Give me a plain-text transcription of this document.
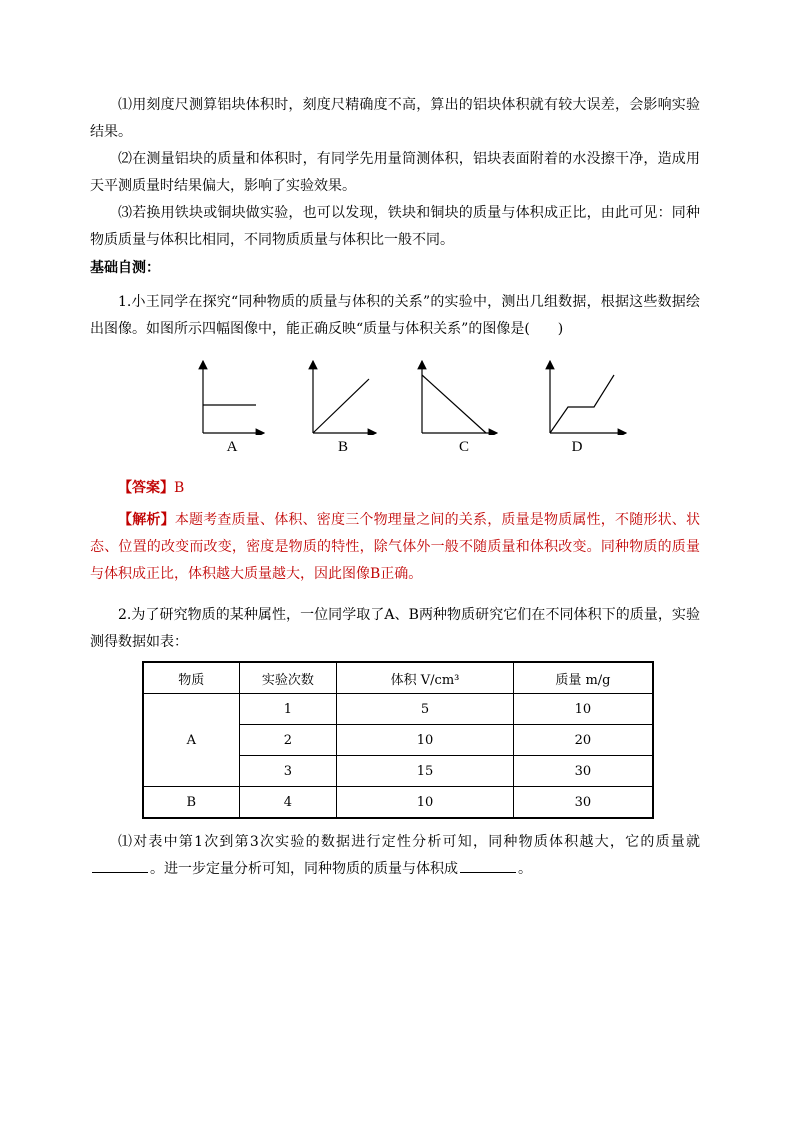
⑴用刻度尺测算铝块体积时，刻度尺精确度不高，算出的铝块体积就有较大误差，会影响实验结果。

⑵在测量铝块的质量和体积时，有同学先用量筒测体积，铝块表面附着的水没擦干净，造成用天平测质量时结果偏大，影响了实验效果。

⑶若换用铁块或铜块做实验，也可以发现，铁块和铜块的质量与体积成正比，由此可见：同种物质质量与体积比相同，不同物质质量与体积比一般不同。

基础自测：

1.小王同学在探究“同种物质的质量与体积的关系”的实验中，测出几组数据，根据这些数据绘出图像。如图所示四幅图像中，能正确反映“质量与体积关系”的图像是(　　)

A	B	C	D

【答案】B

【解析】本题考查质量、体积、密度三个物理量之间的关系，质量是物质属性，不随形状、状态、位置的改变而改变，密度是物质的特性，除气体外一般不随质量和体积改变。同种物质的质量与体积成正比，体积越大质量越大，因此图像B正确。

2.为了研究物质的某种属性，一位同学取了A、B两种物质研究它们在不同体积下的质量，实验测得数据如表：

物质	实验次数	体积 V/cm³	质量 m/g
A	1	5	10
	2	10	20
	3	15	30
B	4	10	30

⑴对表中第1次到第3次实验的数据进行定性分析可知，同种物质体积越大，它的质量就。进一步定量分析可知，同种物质的质量与体积成	。
